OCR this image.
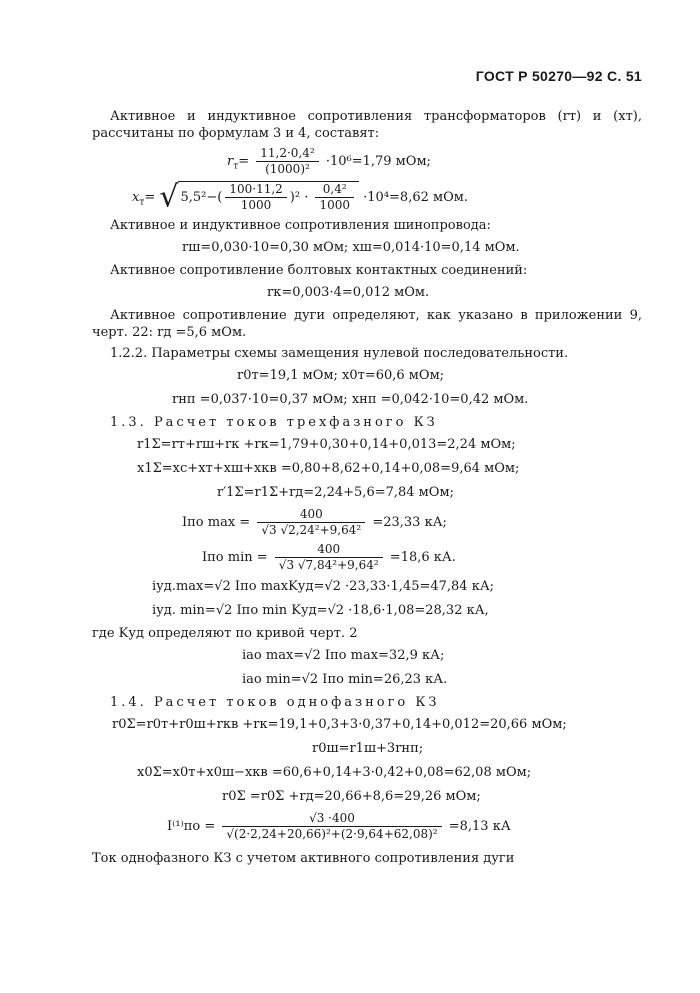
ГОСТ Р 50270—92 С. 51

Активное и индуктивное сопротивления трансформаторов (rт) и (xт), рассчитаны по формулам 3 и 4, составят:

$r_т= \frac{\text{11,2·0,4²}}{\text{(1000)²}} \cdot 10^6=1,79$ мОм;
$x_т=$ √ $5,5^2-( \frac{100\cdot 11,2}{1000} )^2 \cdot \frac{\text{0,4²}}{1000} \cdot 10^4=8,62$ мОм.

Активное и индуктивное сопротивления шинопровода:

rш=0,030·10=0,30 мОм; xш=0,014·10=0,14 мОм.

Активное сопротивление болтовых контактных соединений:

rк=0,003·4=0,012 мОм.

Активное сопротивление дуги определяют, как указано в приложении 9, черт. 22: rд =5,6 мОм.

1.2.2. Параметры схемы замещения нулевой последовательности.

r0т=19,1 мОм; x0т=60,6 мОм;
rнп =0,037·10=0,37 мОм; xнп =0,042·10=0,42 мОм.

1.3. Расчет токов трехфазного КЗ

r1Σ=rт+rш+rк +rк=1,79+0,30+0,14+0,013=2,24 мОм;
x1Σ=xc+xт+xш+xкв =0,80+8,62+0,14+0,08=9,64 мОм;
r′1Σ=r1Σ+rд=2,24+5,6=7,84 мОм;
Iпо $\max = \frac{400}{\text{√3 √2,24²+9,64²}} =23,33$ кА;
Iпо $\min = \frac{400}{\text{√3 √7,84²+9,64²}} =18,6$ кА.
iуд.max=√2 Iпо maxKуд=√2 ·23,33·1,45=47,84 кА;
iуд. min=√2 Iпо min Kуд=√2 ·18,6·1,08=28,32 кА,

где Kуд определяют по кривой черт. 2

iао max=√2 Iпо max=32,9 кА;
iао min=√2 Iпо min=26,23 кА.

1.4. Расчет токов однофазного КЗ

r0Σ=r0т+r0ш+rкв +rк=19,1+0,3+3·0,37+0,14+0,012=20,66 мОм;
r0ш=r1ш+3rнп;
x0Σ=x0т+x0ш−xкв =60,6+0,14+3·0,42+0,08=62,08 мОм;
r0Σ =r0Σ +rд=20,66+8,6=29,26 мОм;
$I^{(1)}по = \frac{√3 \cdot 400}{\text{√(2·2,24+20,66)²+(2·9,64+62,08)²}} =8,13$ кА

Ток однофазного КЗ с учетом активного сопротивления дуги
